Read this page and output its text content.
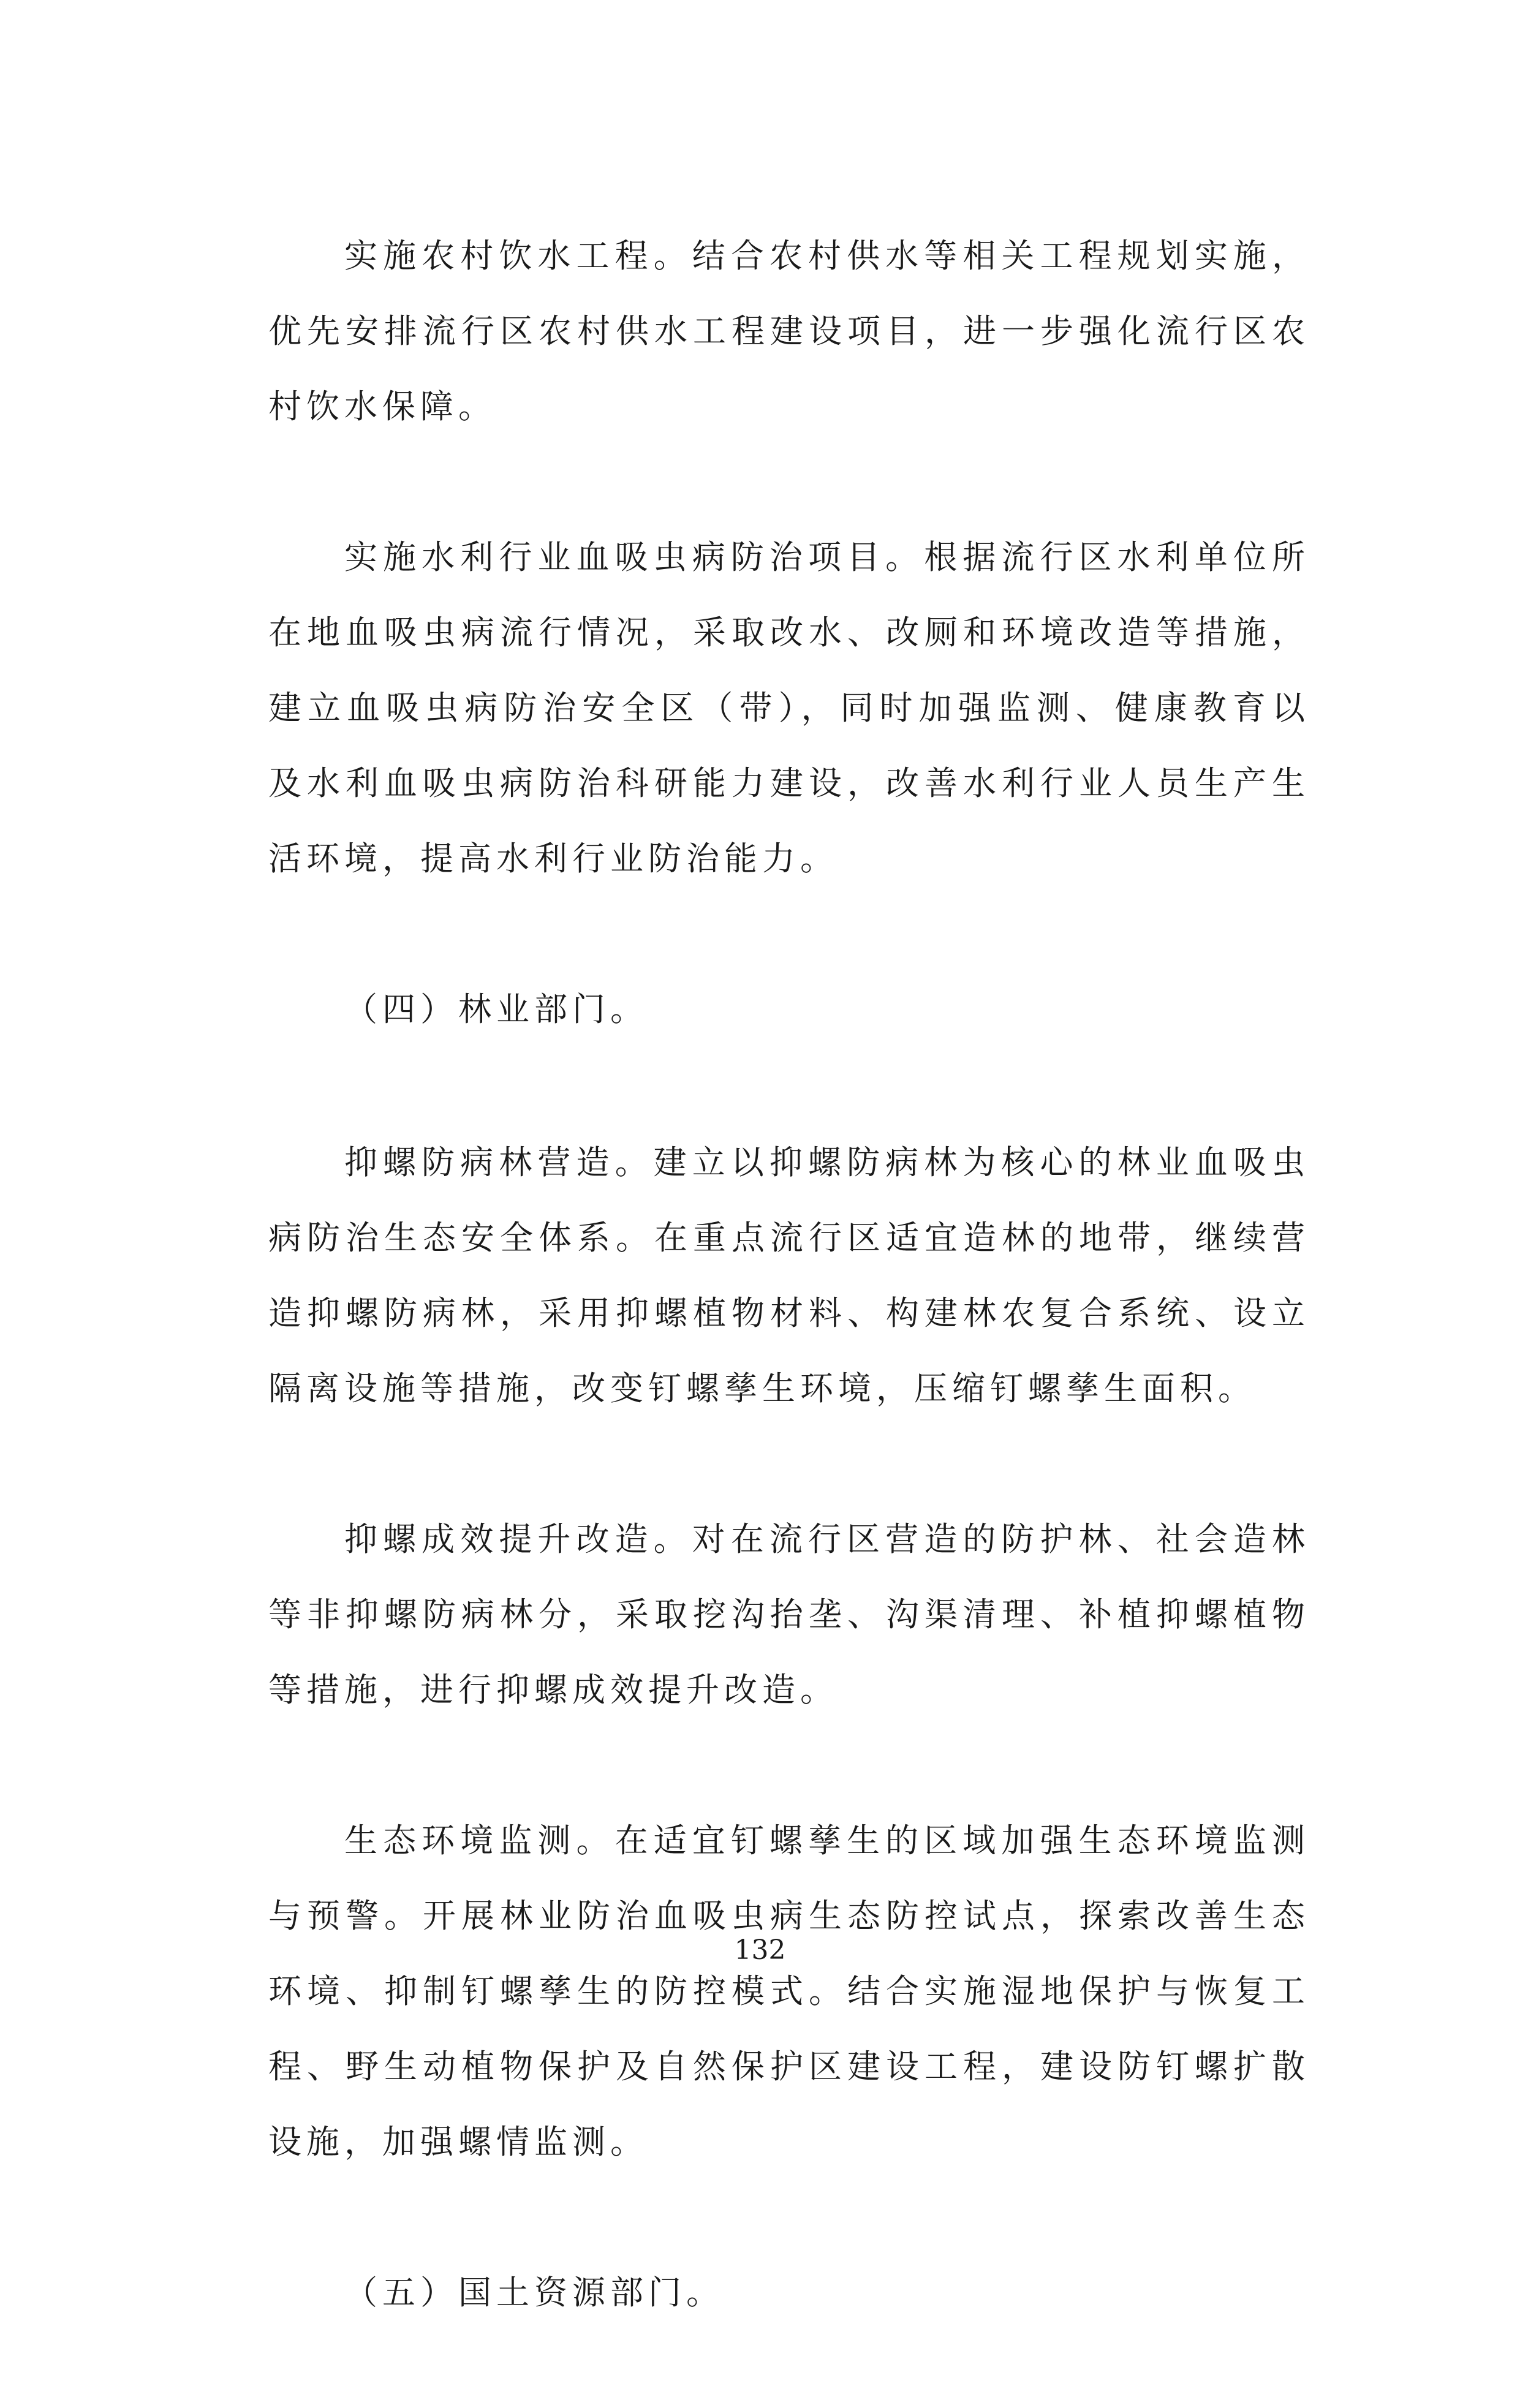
实施农村饮水工程。结合农村供水等相关工程规划实施，优先安排流行区农村供水工程建设项目，进一步强化流行区农村饮水保障。

实施水利行业血吸虫病防治项目。根据流行区水利单位所在地血吸虫病流行情况，采取改水、改厕和环境改造等措施，建立血吸虫病防治安全区（带），同时加强监测、健康教育以及水利血吸虫病防治科研能力建设，改善水利行业人员生产生活环境，提高水利行业防治能力。

（四）林业部门。

抑螺防病林营造。建立以抑螺防病林为核心的林业血吸虫病防治生态安全体系。在重点流行区适宜造林的地带，继续营造抑螺防病林，采用抑螺植物材料、构建林农复合系统、设立隔离设施等措施，改变钉螺孳生环境，压缩钉螺孳生面积。

抑螺成效提升改造。对在流行区营造的防护林、社会造林等非抑螺防病林分，采取挖沟抬垄、沟渠清理、补植抑螺植物等措施，进行抑螺成效提升改造。

生态环境监测。在适宜钉螺孳生的区域加强生态环境监测与预警。开展林业防治血吸虫病生态防控试点，探索改善生态环境、抑制钉螺孳生的防控模式。结合实施湿地保护与恢复工程、野生动植物保护及自然保护区建设工程，建设防钉螺扩散设施，加强螺情监测。

（五）国土资源部门。

132
